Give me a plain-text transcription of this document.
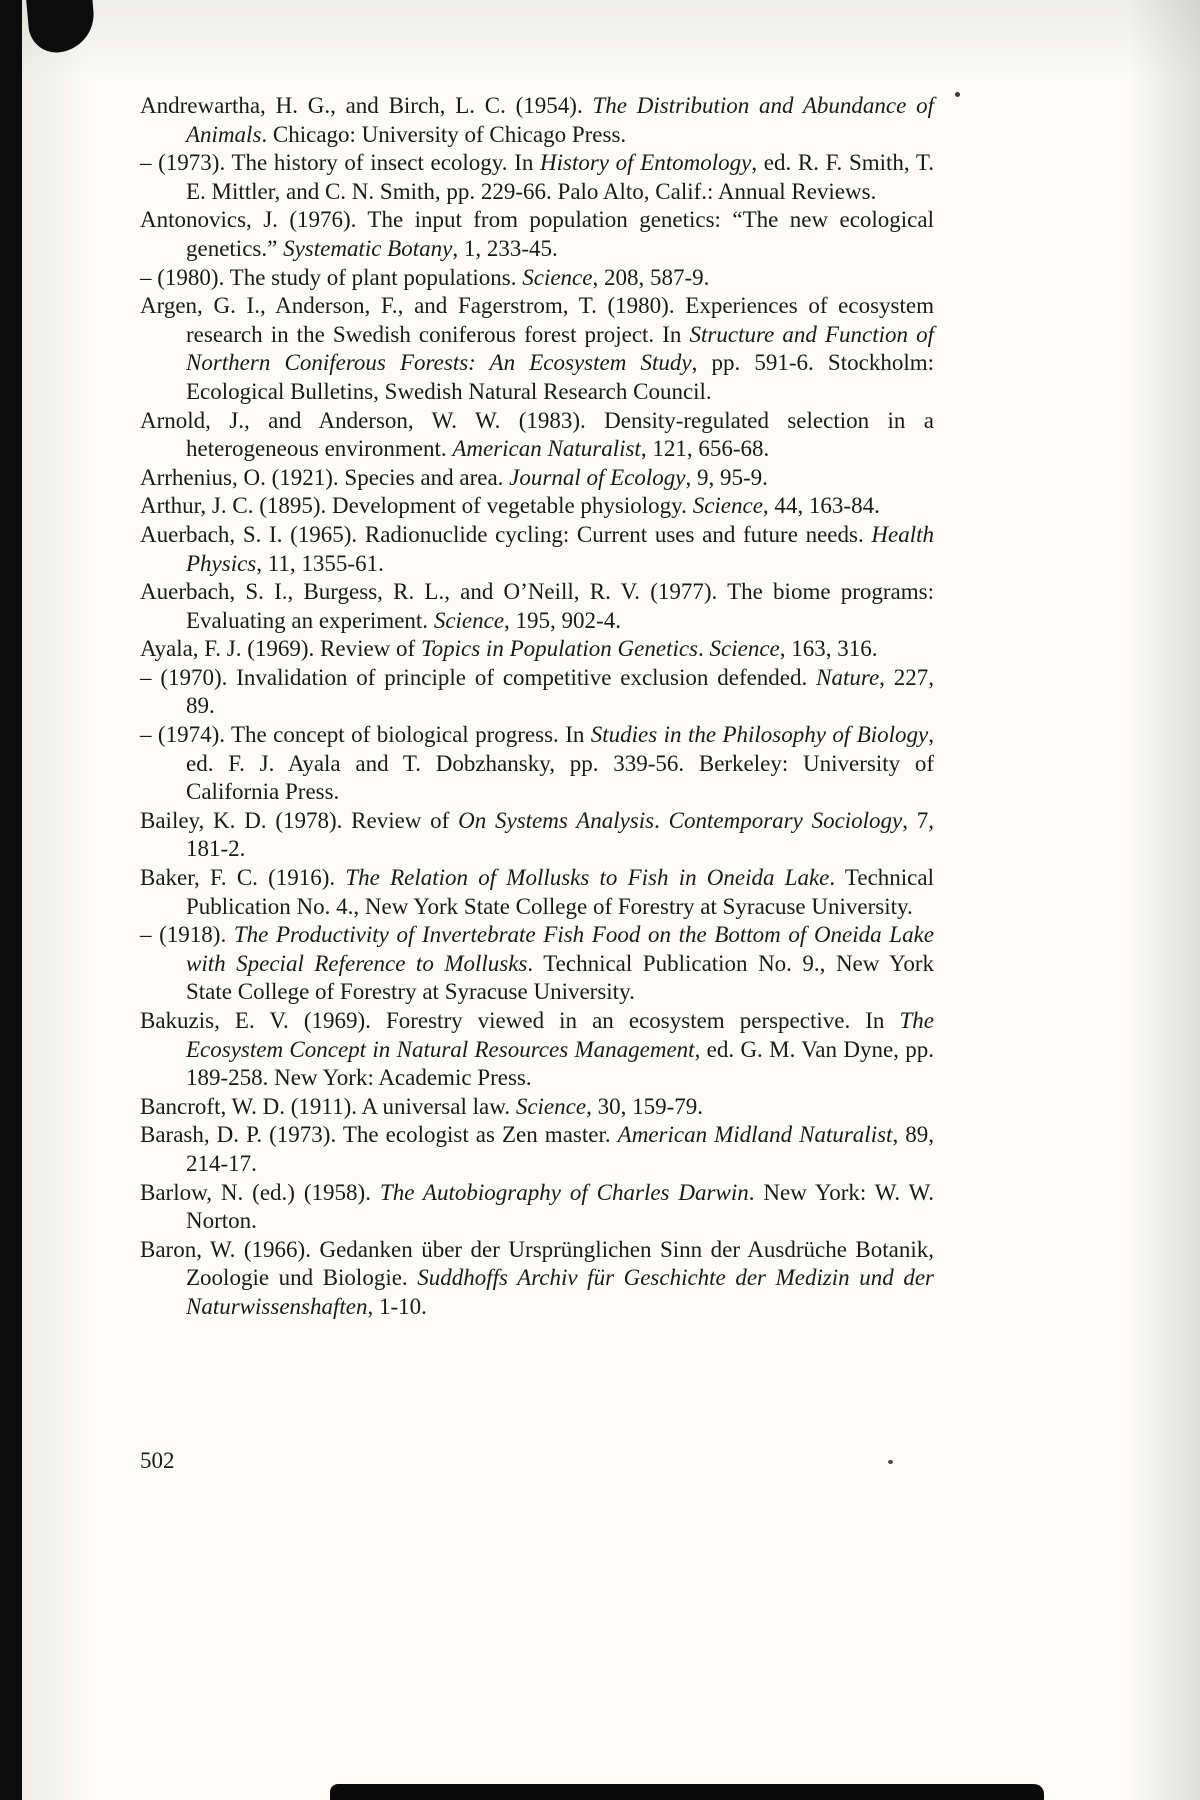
Andrewartha, H. G., and Birch, L. C. (1954). The Distribution and Abundance of Animals. Chicago: University of Chicago Press.

– (1973). The history of insect ecology. In History of Entomology, ed. R. F. Smith, T. E. Mittler, and C. N. Smith, pp. 229-66. Palo Alto, Calif.: Annual Reviews.

Antonovics, J. (1976). The input from population genetics: “The new ecological genetics.” Systematic Botany, 1, 233-45.

– (1980). The study of plant populations. Science, 208, 587-9.

Argen, G. I., Anderson, F., and Fagerstrom, T. (1980). Experiences of ecosystem research in the Swedish coniferous forest project. In Structure and Function of Northern Coniferous Forests: An Ecosystem Study, pp. 591-6. Stockholm: Ecological Bulletins, Swedish Natural Research Council.

Arnold, J., and Anderson, W. W. (1983). Density-regulated selection in a heterogeneous environment. American Naturalist, 121, 656-68.

Arrhenius, O. (1921). Species and area. Journal of Ecology, 9, 95-9.

Arthur, J. C. (1895). Development of vegetable physiology. Science, 44, 163-84.

Auerbach, S. I. (1965). Radionuclide cycling: Current uses and future needs. Health Physics, 11, 1355-61.

Auerbach, S. I., Burgess, R. L., and O’Neill, R. V. (1977). The biome programs: Evaluating an experiment. Science, 195, 902-4.

Ayala, F. J. (1969). Review of Topics in Population Genetics. Science, 163, 316.

– (1970). Invalidation of principle of competitive exclusion defended. Nature, 227, 89.

– (1974). The concept of biological progress. In Studies in the Philosophy of Biology, ed. F. J. Ayala and T. Dobzhansky, pp. 339-56. Berkeley: University of California Press.

Bailey, K. D. (1978). Review of On Systems Analysis. Contemporary Sociology, 7, 181-2.

Baker, F. C. (1916). The Relation of Mollusks to Fish in Oneida Lake. Technical Publication No. 4., New York State College of Forestry at Syracuse University.

– (1918). The Productivity of Invertebrate Fish Food on the Bottom of Oneida Lake with Special Reference to Mollusks. Technical Publication No. 9., New York State College of Forestry at Syracuse University.

Bakuzis, E. V. (1969). Forestry viewed in an ecosystem perspective. In The Ecosystem Concept in Natural Resources Management, ed. G. M. Van Dyne, pp. 189-258. New York: Academic Press.

Bancroft, W. D. (1911). A universal law. Science, 30, 159-79.

Barash, D. P. (1973). The ecologist as Zen master. American Midland Naturalist, 89, 214-17.

Barlow, N. (ed.) (1958). The Autobiography of Charles Darwin. New York: W. W. Norton.

Baron, W. (1966). Gedanken über der Ursprünglichen Sinn der Ausdrüche Botanik, Zoologie und Biologie. Suddhoffs Archiv für Geschichte der Medizin und der Naturwissenshaften, 1-10.

502
